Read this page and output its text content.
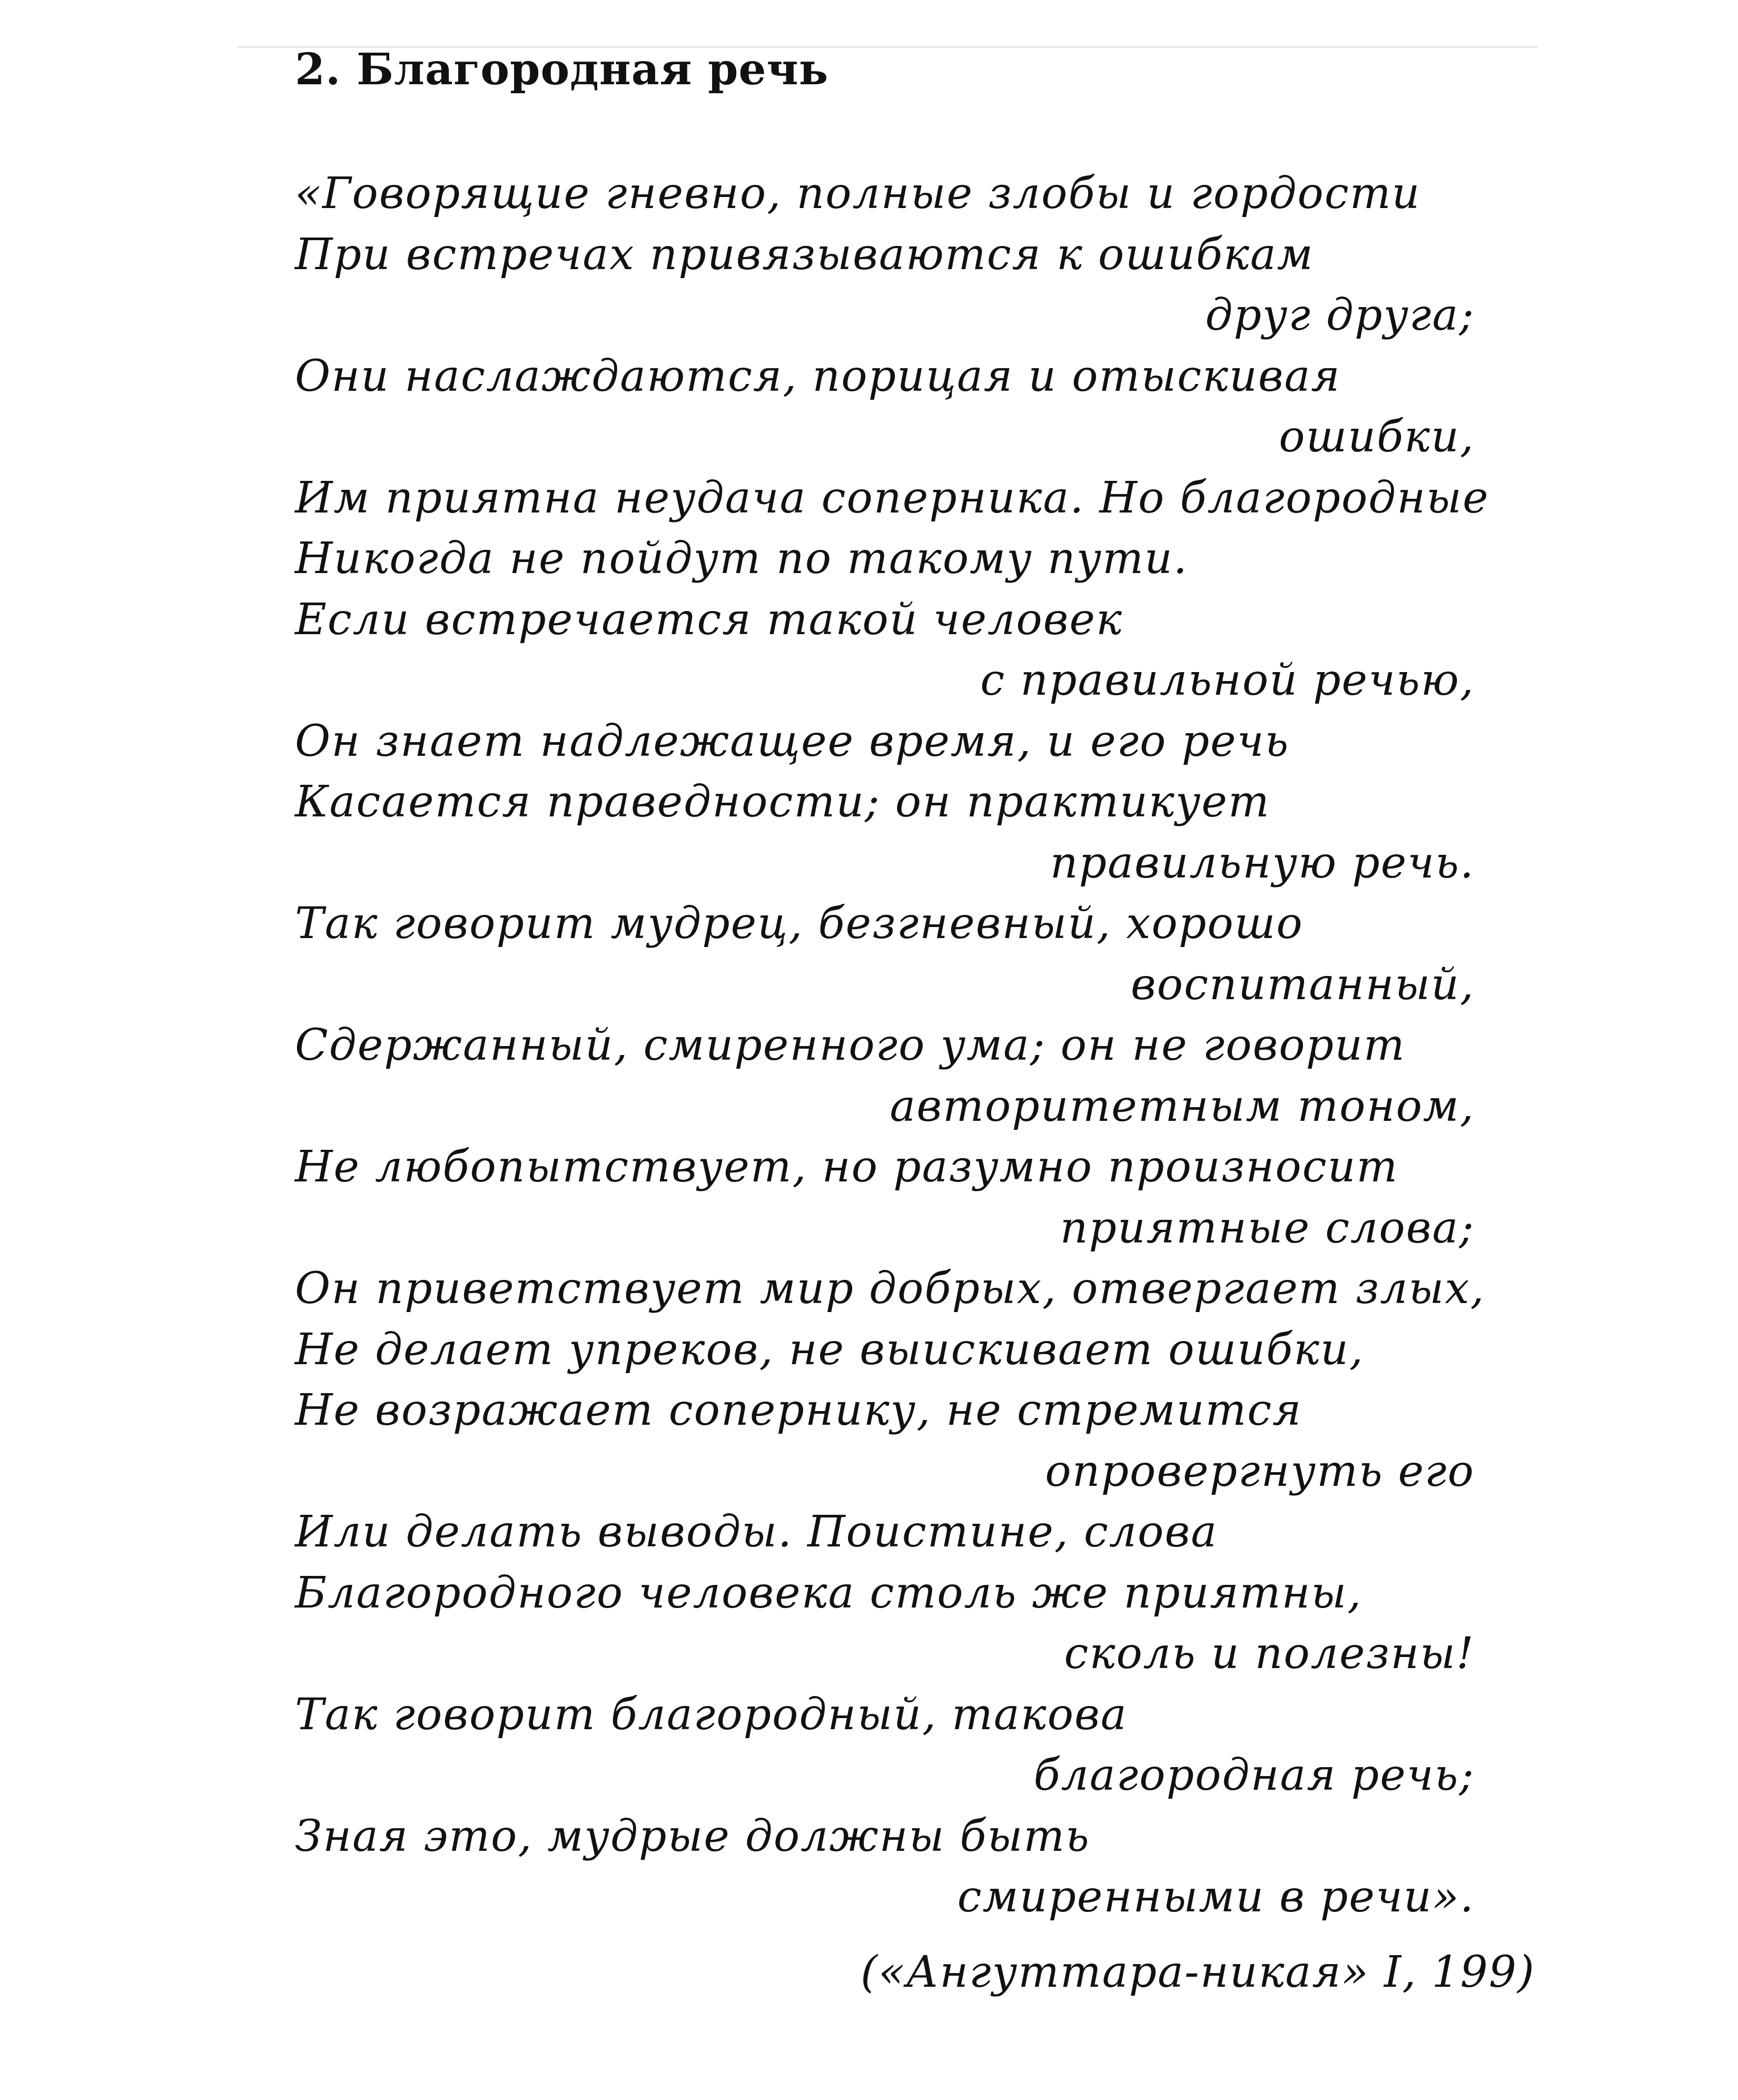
2. Благородная речь
«Говорящие гневно, полные злобы и гордости
При встречах привязываются к ошибкам
друг друга;
Они наслаждаются, порицая и отыскивая
ошибки,
Им приятна неудача соперника. Но благородные
Никогда не пойдут по такому пути.
Если встречается такой человек
с правильной речью,
Он знает надлежащее время, и его речь
Касается праведности; он практикует
правильную речь.
Так говорит мудрец, безгневный, хорошо
воспитанный,
Сдержанный, смиренного ума; он не говорит
авторитетным тоном,
Не любопытствует, но разумно произносит
приятные слова;
Он приветствует мир добрых, отвергает злых,
Не делает упреков, не выискивает ошибки,
Не возражает сопернику, не стремится
опровергнуть его
Или делать выводы. Поистине, слова
Благородного человека столь же приятны,
сколь и полезны!
Так говорит благородный, такова
благородная речь;
Зная это, мудрые должны быть
смиренными в речи».

(«Ангуттара-никая» I, 199)
